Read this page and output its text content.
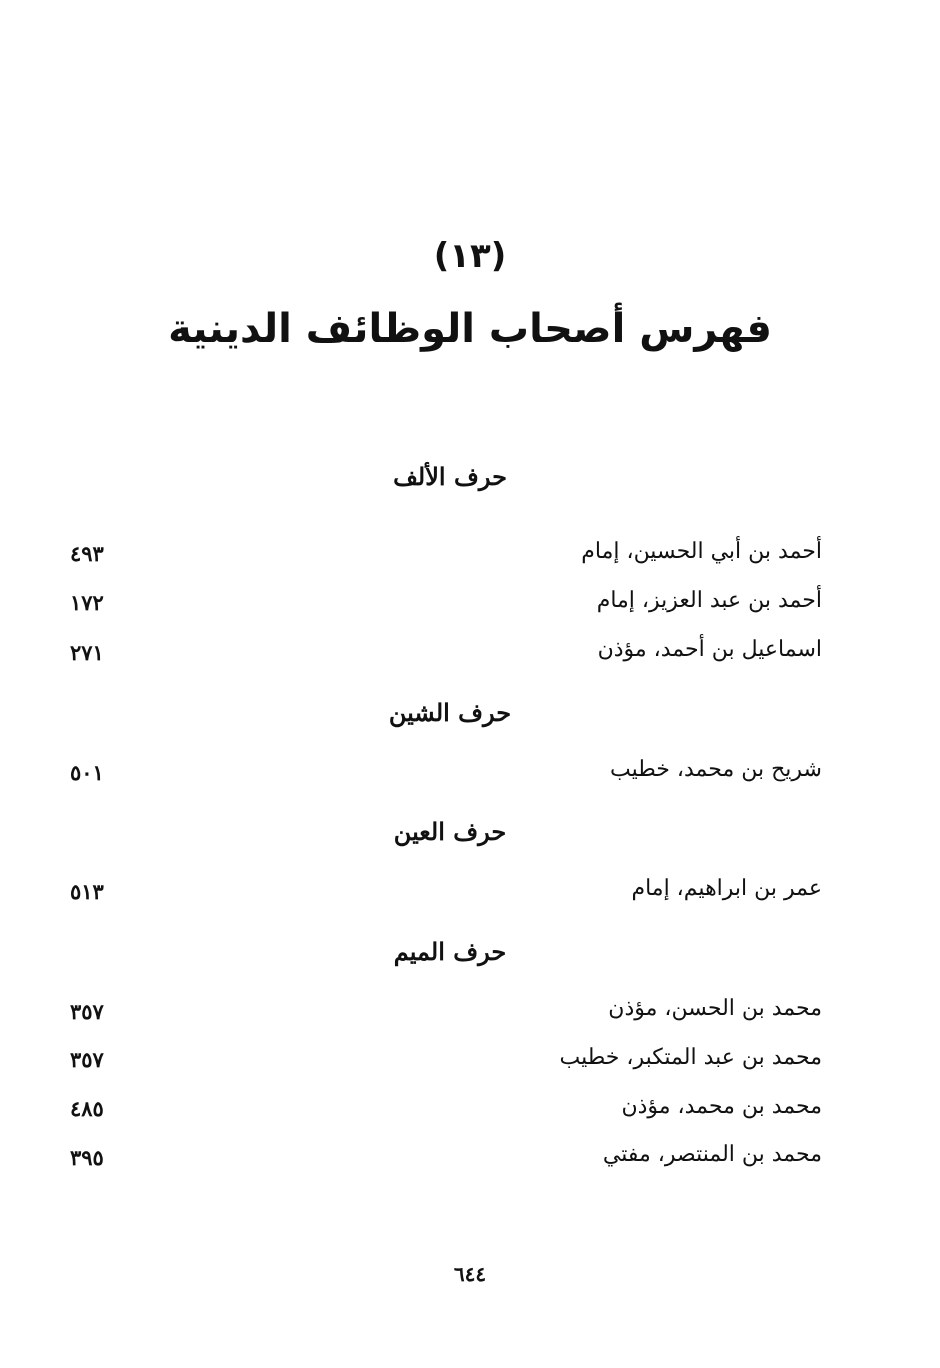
(١٣)
فهرس أصحاب الوظائف الدينية
حرف الألف
أحمد بن أبي الحسين، إمام
٤٩٣
أحمد بن عبد العزيز، إمام
١٧٢
اسماعيل بن أحمد، مؤذن
٢٧١
حرف الشين
شريح بن محمد، خطيب
٥٠١
حرف العين
عمر بن ابراهيم، إمام
٥١٣
حرف الميم
محمد بن الحسن، مؤذن
٣٥٧
محمد بن عبد المتكبر، خطيب
٣٥٧
محمد بن محمد، مؤذن
٤٨٥
محمد بن المنتصر، مفتي
٣٩٥
٦٤٤
